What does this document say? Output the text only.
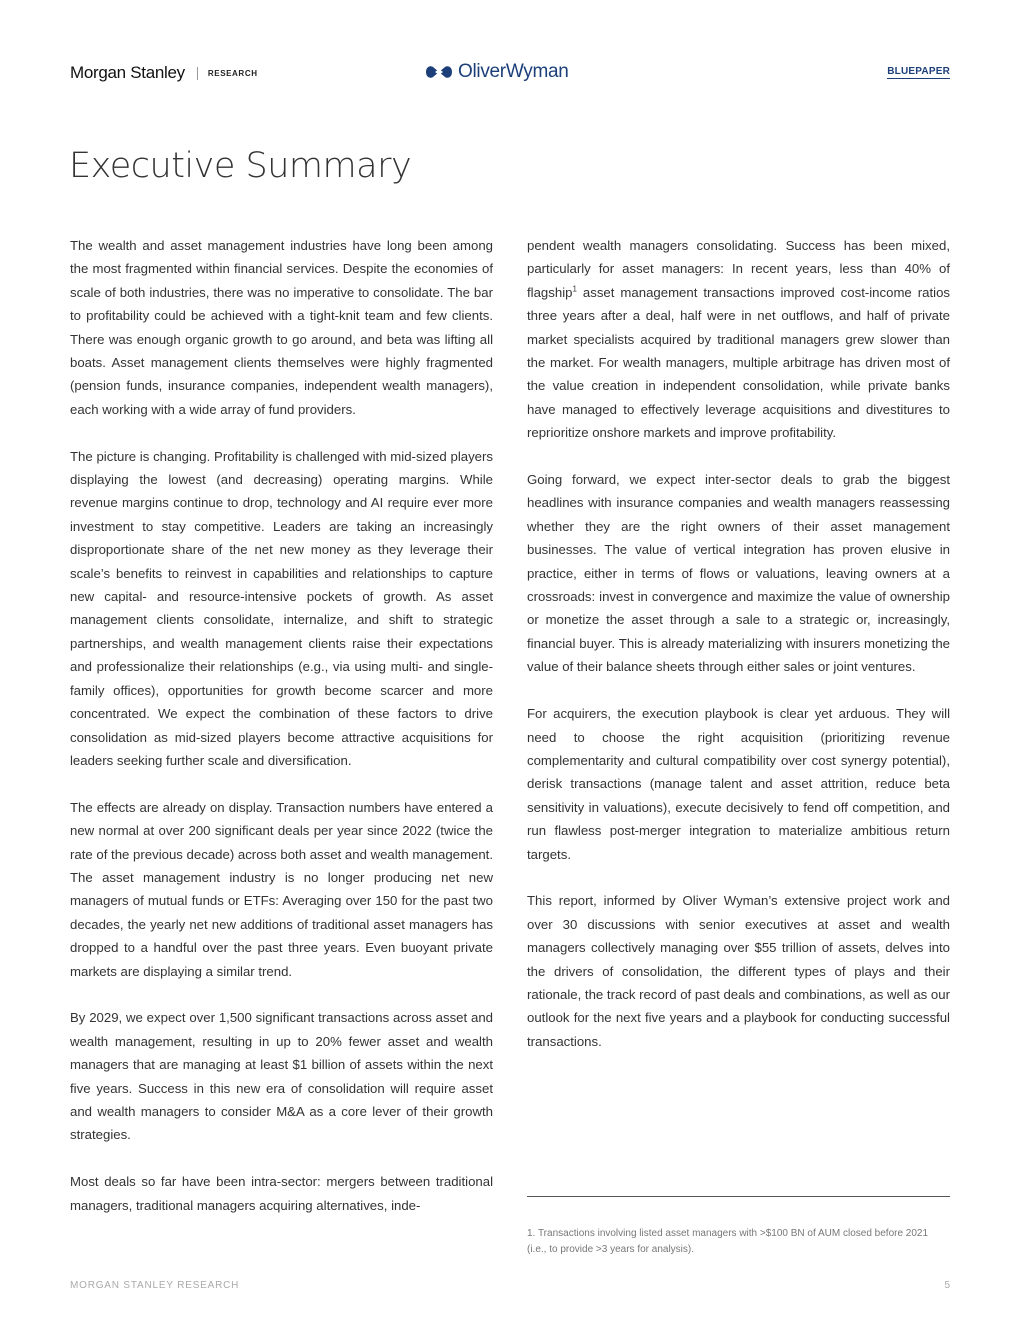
Morgan Stanley	RESEARCH	OliverWyman	BLUEPAPER
Executive Summary

The wealth and asset management industries have long been among the most fragmented within financial services. Despite the economies of scale of both industries, there was no imperative to consolidate. The bar to profitability could be achieved with a tight-knit team and few clients. There was enough organic growth to go around, and beta was lifting all boats. Asset management clients themselves were highly fragmented (pension funds, insurance companies, independent wealth managers), each working with a wide array of fund providers.

The picture is changing. Profitability is challenged with mid-sized players displaying the lowest (and decreasing) operating margins. While revenue margins continue to drop, technology and AI require ever more investment to stay competitive. Leaders are taking an increasingly disproportionate share of the net new money as they leverage their scale’s benefits to reinvest in capabilities and relationships to capture new capital- and resource-intensive pockets of growth. As asset management clients consolidate, internalize, and shift to strategic partnerships, and wealth management clients raise their expectations and professionalize their relationships (e.g., via using multi- and single-family offices), opportunities for growth become scarcer and more concentrated. We expect the combination of these factors to drive consolidation as mid-sized players become attractive acquisitions for leaders seeking further scale and diversification.

The effects are already on display. Transaction numbers have entered a new normal at over 200 significant deals per year since 2022 (twice the rate of the previous decade) across both asset and wealth management. The asset management industry is no longer producing net new managers of mutual funds or ETFs: Averaging over 150 for the past two decades, the yearly net new additions of traditional asset managers has dropped to a handful over the past three years. Even buoyant private markets are displaying a similar trend.

By 2029, we expect over 1,500 significant transactions across asset and wealth management, resulting in up to 20% fewer asset and wealth managers that are managing at least $1 billion of assets within the next five years. Success in this new era of consolidation will require asset and wealth managers to consider M&A as a core lever of their growth strategies.

Most deals so far have been intra-sector: mergers between traditional managers, traditional managers acquiring alternatives, inde-

pendent wealth managers consolidating. Success has been mixed, particularly for asset managers: In recent years, less than 40% of flagship$^1$ asset management transactions improved cost-income ratios three years after a deal, half were in net outflows, and half of private market specialists acquired by traditional managers grew slower than the market. For wealth managers, multiple arbitrage has driven most of the value creation in independent consolidation, while private banks have managed to effectively leverage acquisitions and divestitures to reprioritize onshore markets and improve profitability.

Going forward, we expect inter-sector deals to grab the biggest headlines with insurance companies and wealth managers reassessing whether they are the right owners of their asset management businesses. The value of vertical integration has proven elusive in practice, either in terms of flows or valuations, leaving owners at a crossroads: invest in convergence and maximize the value of ownership or monetize the asset through a sale to a strategic or, increasingly, financial buyer. This is already materializing with insurers monetizing the value of their balance sheets through either sales or joint ventures.

For acquirers, the execution playbook is clear yet arduous. They will need to choose the right acquisition (prioritizing revenue complementarity and cultural compatibility over cost synergy potential), derisk transactions (manage talent and asset attrition, reduce beta sensitivity in valuations), execute decisively to fend off competition, and run flawless post-merger integration to materialize ambitious return targets.

This report, informed by Oliver Wyman’s extensive project work and over 30 discussions with senior executives at asset and wealth managers collectively managing over $55 trillion of assets, delves into the drivers of consolidation, the different types of plays and their rationale, the track record of past deals and combinations, as well as our outlook for the next five years and a playbook for conducting successful transactions.

1. Transactions involving listed asset managers with >$100 BN of AUM closed before 2021 (i.e., to provide >3 years for analysis).
MORGAN STANLEY RESEARCH	5
